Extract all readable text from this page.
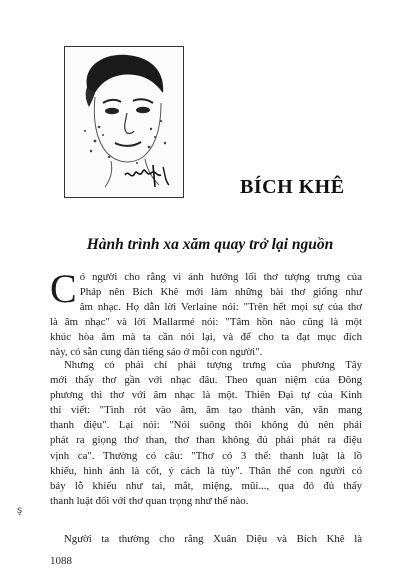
BÍCH KHÊ
Hành trình xa xăm quay trở lại nguồn
C ó người cho rằng vì ảnh hưởng lối thơ tượng trưng của
Pháp nên Bích Khê mới làm những bài thơ giống như
âm nhạc. Họ dẫn lời Verlaine nói: "Trên hết mọi sự của thơ
là âm nhạc" và lời Mallarmé nói: "Tâm hồn nào cũng là một
khúc hòa âm mà ta cần nói lại, và để cho ta đạt mục đích
này, có sẵn cung đàn tiếng sáo ở mỗi con người".
Nhưng có phải chỉ phái tượng trưng của phương Tây
mới thấy thơ gần với nhạc đâu. Theo quan niệm của Đông
phương thì thơ với âm nhạc là một. Thiên Đại tự của Kinh
thi viết: "Tình rót vào âm, âm tạo thành văn, văn mang
thanh điệu". Lại nói: "Nói suông thôi không đủ nên phải
phát ra giọng thơ than, thơ than không đủ phải phát ra điệu
vịnh ca". Thường có câu: "Thơ có 3 thể: thanh luật là lồ
khiếu, hình ảnh là cốt, ý cách là tủy". Thân thể con người có
bảy lỗ khiếu như tai, mắt, miệng, mũi..., qua đó đủ thấy
thanh luật đối với thơ quan trọng như thế nào.
Người ta thường cho rằng Xuân Diệu và Bích Khê là
ş
1088
